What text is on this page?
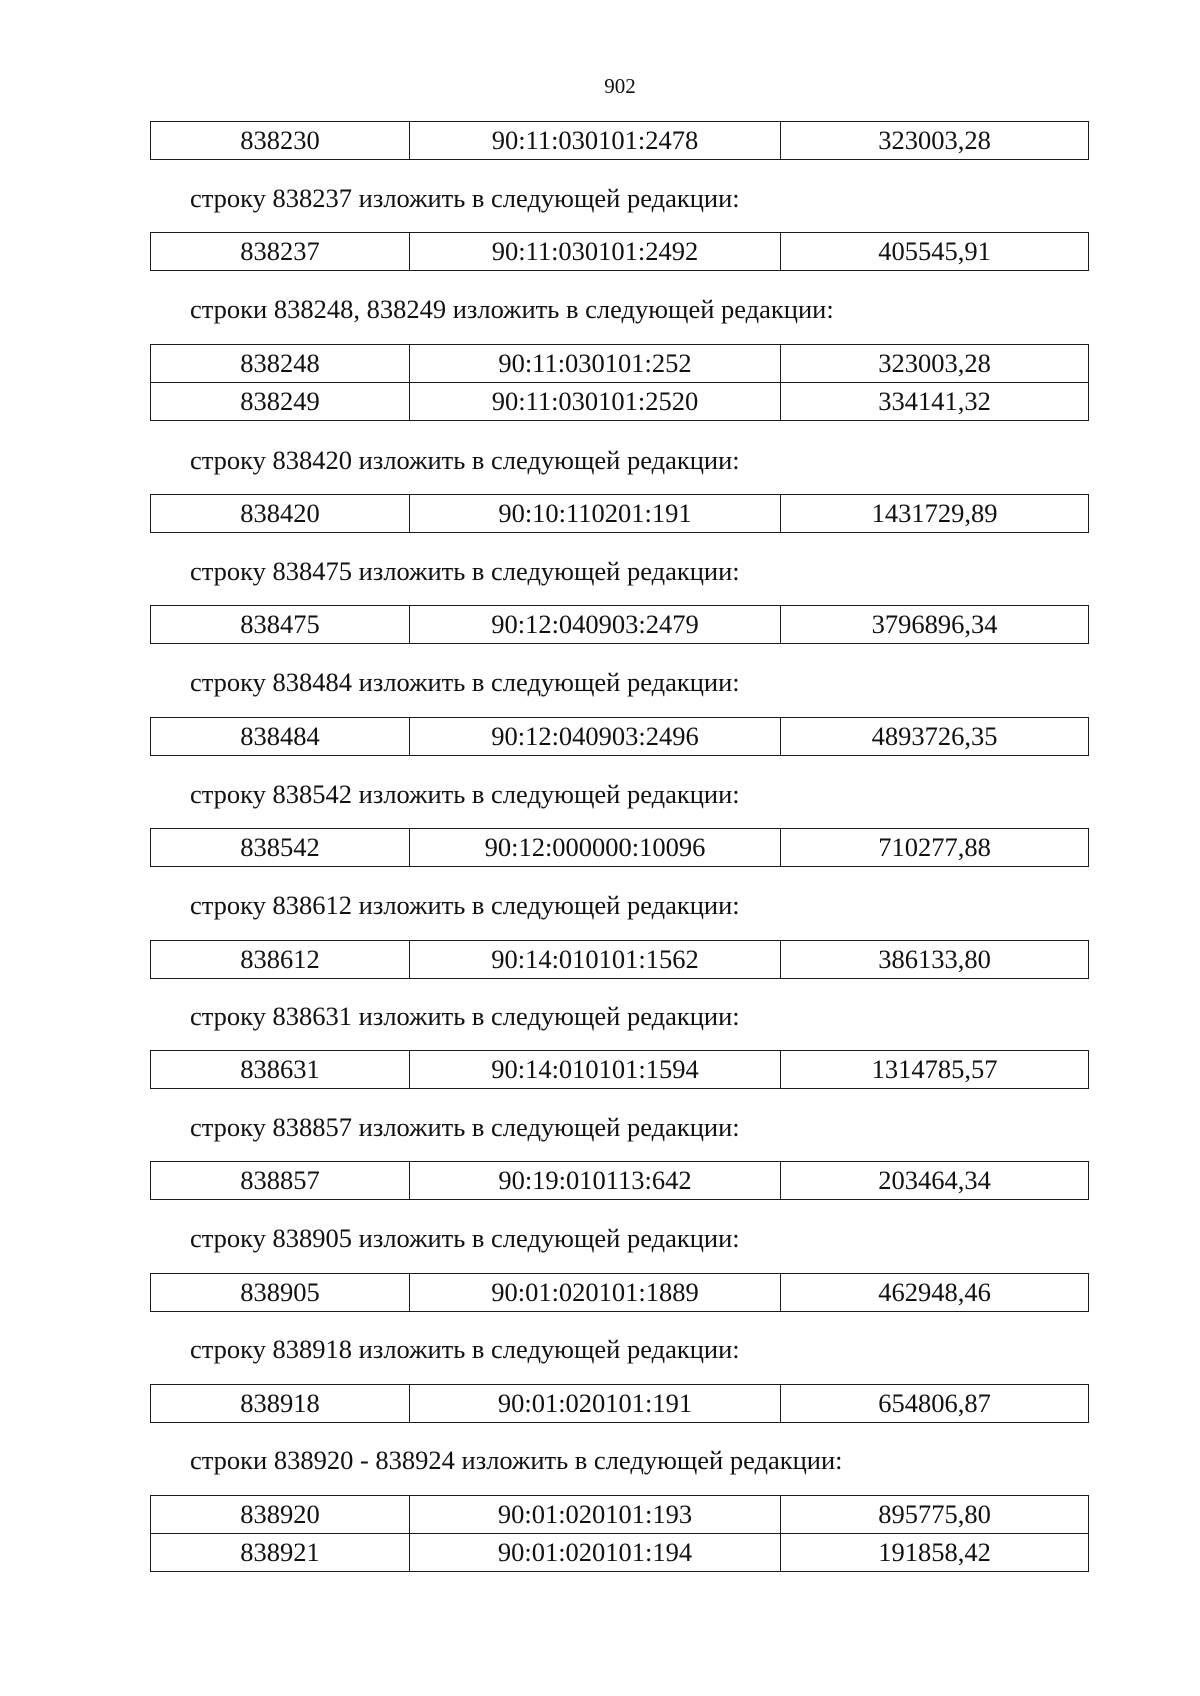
902
838230	90:11:030101:2478	323003,28
строку 838237 изложить в следующей редакции:
838237	90:11:030101:2492	405545,91
строки 838248, 838249 изложить в следующей редакции:
838248	90:11:030101:252	323003,28
838249	90:11:030101:2520	334141,32
строку 838420 изложить в следующей редакции:
838420	90:10:110201:191	1431729,89
строку 838475 изложить в следующей редакции:
838475	90:12:040903:2479	3796896,34
строку 838484 изложить в следующей редакции:
838484	90:12:040903:2496	4893726,35
строку 838542 изложить в следующей редакции:
838542	90:12:000000:10096	710277,88
строку 838612 изложить в следующей редакции:
838612	90:14:010101:1562	386133,80
строку 838631 изложить в следующей редакции:
838631	90:14:010101:1594	1314785,57
строку 838857 изложить в следующей редакции:
838857	90:19:010113:642	203464,34
строку 838905 изложить в следующей редакции:
838905	90:01:020101:1889	462948,46
строку 838918 изложить в следующей редакции:
838918	90:01:020101:191	654806,87
строки 838920 - 838924 изложить в следующей редакции:
838920	90:01:020101:193	895775,80
838921	90:01:020101:194	191858,42
